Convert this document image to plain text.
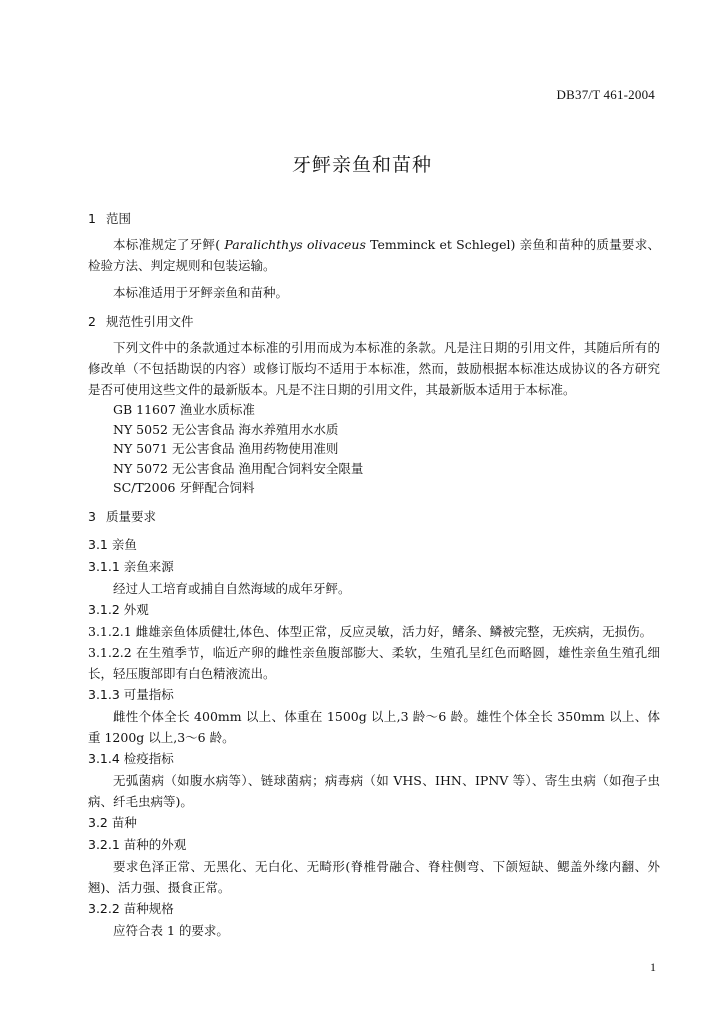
DB37/T 461-2004
牙鲆亲鱼和苗种
1 范围

本标准规定了牙鲆( Paralichthys olivaceus Temminck et Schlegel) 亲鱼和苗种的质量要求、检验方法、判定规则和包装运输。

本标准适用于牙鲆亲鱼和苗种。

2 规范性引用文件

下列文件中的条款通过本标准的引用而成为本标准的条款。凡是注日期的引用文件，其随后所有的修改单（不包括勘误的内容）或修订版均不适用于本标准，然而，鼓励根据本标准达成协议的各方研究是否可使用这些文件的最新版本。凡是不注日期的引用文件，其最新版本适用于本标准。

GB 11607 渔业水质标准

NY 5052 无公害食品 海水养殖用水水质

NY 5071 无公害食品 渔用药物使用准则

NY 5072 无公害食品 渔用配合饲料安全限量

SC/T2006 牙鲆配合饲料

3 质量要求
3.1 亲鱼
3.1.1 亲鱼来源

经过人工培育或捕自自然海域的成年牙鲆。

3.1.2 外观

3.1.2.1 雌雄亲鱼体质健壮,体色、体型正常，反应灵敏，活力好，鳍条、鳞被完整，无疾病，无损伤。

3.1.2.2 在生殖季节，临近产卵的雌性亲鱼腹部膨大、柔软，生殖孔呈红色而略圆，雄性亲鱼生殖孔细长，轻压腹部即有白色精液流出。

3.1.3 可量指标

雌性个体全长 400mm 以上、体重在 1500g 以上,3 龄～6 龄。雄性个体全长 350mm 以上、体重 1200g 以上,3～6 龄。

3.1.4 检疫指标

无弧菌病（如腹水病等）、链球菌病；病毒病（如 VHS、IHN、IPNV 等）、寄生虫病（如孢子虫病、纤毛虫病等)。

3.2 苗种
3.2.1 苗种的外观

要求色泽正常、无黑化、无白化、无畸形(脊椎骨融合、脊柱侧弯、下颌短缺、鳃盖外缘内翻、外翘)、活力强、摄食正常。

3.2.2 苗种规格

应符合表 1 的要求。

1
